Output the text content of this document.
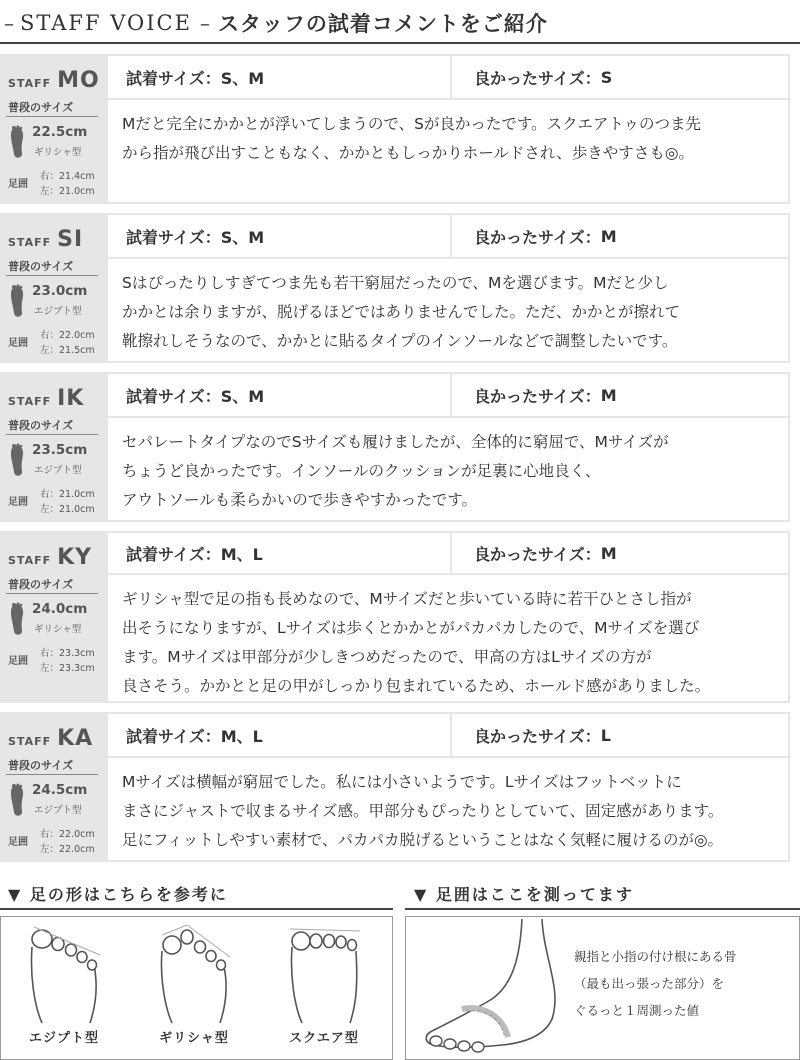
– STAFF VOICE – スタッフの試着コメントをご紹介
STAFF MO
普段のサイズ
22.5cm
ギリシャ型
足囲
右：21.4cm
左：21.0cm
試着サイズ： S、M	良かったサイズ： S
Mだと完全にかかとが浮いてしまうので、Sが良かったです。スクエアトゥのつま先
から指が飛び出すこともなく、かかともしっかりホールドされ、歩きやすさも◎。
STAFF SI
普段のサイズ
23.0cm
エジプト型
足囲
右：22.0cm
左：21.5cm
試着サイズ： S、M	良かったサイズ： M
Sはぴったりしすぎてつま先も若干窮屈だったので、Mを選びます。Mだと少し
かかとは余りますが、脱げるほどではありませんでした。ただ、かかとが擦れて
靴擦れしそうなので、かかとに貼るタイプのインソールなどで調整したいです。
STAFF IK
普段のサイズ
23.5cm
エジプト型
足囲
右：21.0cm
左：21.0cm
試着サイズ： S、M	良かったサイズ： M
セパレートタイプなのでSサイズも履けましたが、全体的に窮屈で、Mサイズが
ちょうど良かったです。インソールのクッションが足裏に心地良く、
アウトソールも柔らかいので歩きやすかったです。
STAFF KY
普段のサイズ
24.0cm
ギリシャ型
足囲
右：23.3cm
左：23.3cm
試着サイズ： M、L	良かったサイズ： M
ギリシャ型で足の指も長めなので、Mサイズだと歩いている時に若干ひとさし指が
出そうになりますが、Lサイズは歩くとかかとがパカパカしたので、Mサイズを選び
ます。Mサイズは甲部分が少しきつめだったので、甲高の方はLサイズの方が
良さそう。かかとと足の甲がしっかり包まれているため、ホールド感がありました。
STAFF KA
普段のサイズ
24.5cm
エジプト型
足囲
右：22.0cm
左：22.0cm
試着サイズ： M、L	良かったサイズ： L
Mサイズは横幅が窮屈でした。私には小さいようです。Lサイズはフットベットに
まさにジャストで収まるサイズ感。甲部分もぴったりとしていて、固定感があります。
足にフィットしやすい素材で、パカパカ脱げるということはなく気軽に履けるのが◎。
▼ 足の形はこちらを参考に
エジプト型	ギリシャ型	スクエア型
▼ 足囲はここを測ってます
親指と小指の付け根にある骨
（最も出っ張った部分）を
ぐるっと１周測った値
